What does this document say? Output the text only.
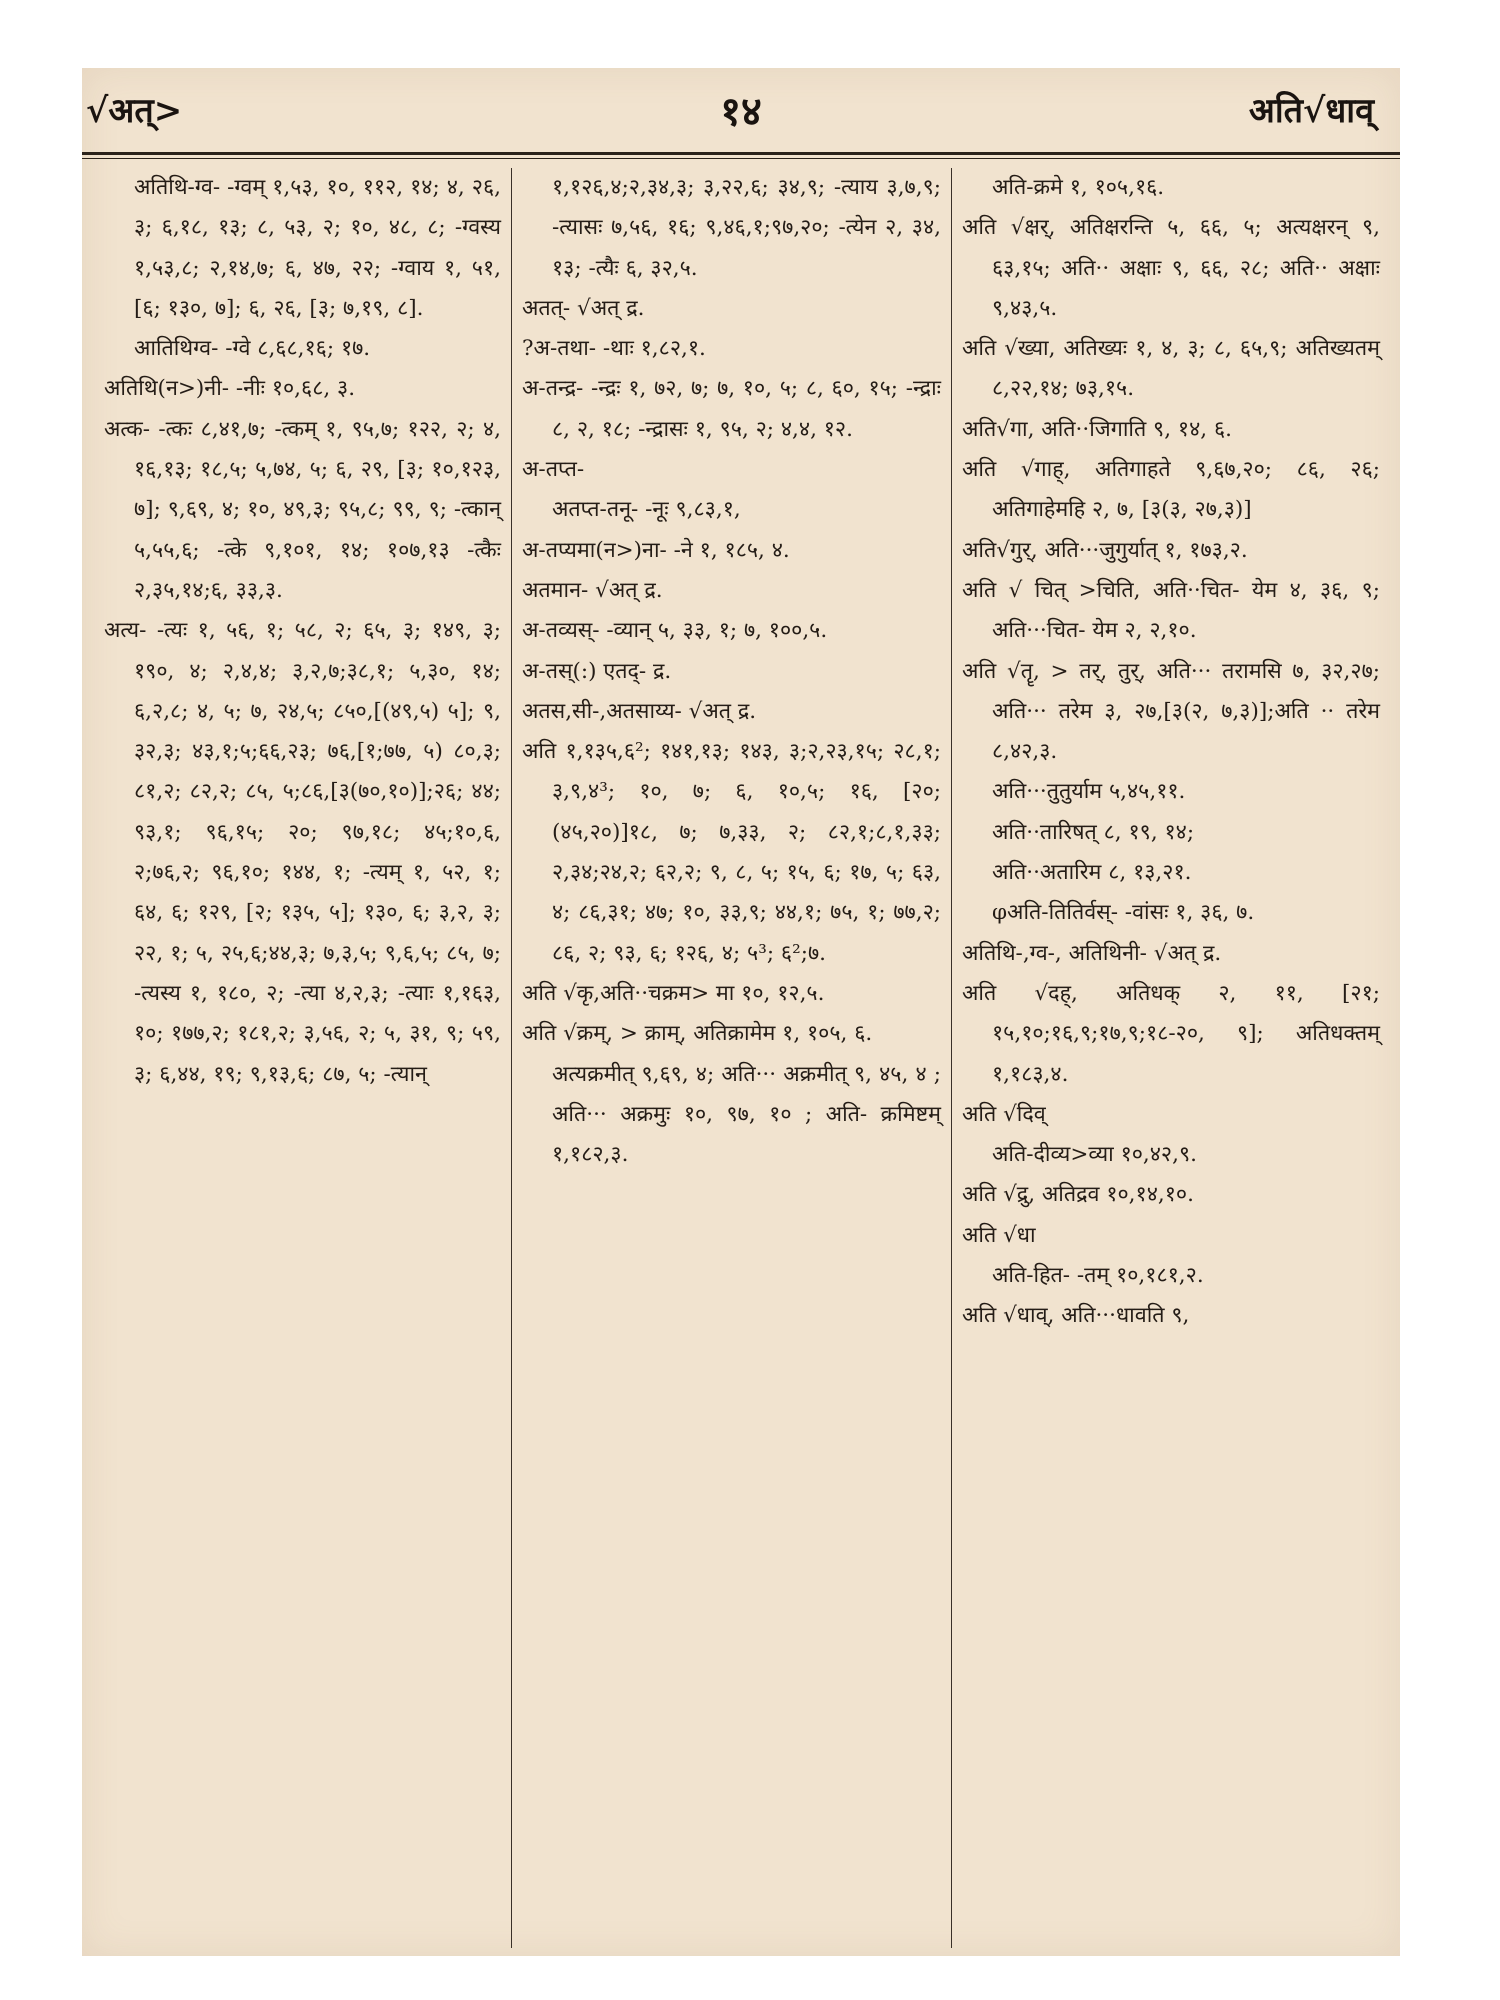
√अत्>	१४	अति√धाव्

अतिथि-ग्व- -ग्वम् १,५३, १०, ११२, १४; ४, २६, ३; ६,१८, १३; ८, ५३, २; १०, ४८, ८; -ग्वस्य १,५३,८; २,१४,७; ६, ४७, २२; -ग्वाय १, ५१, [६; १३०, ७]; ६, २६, [३; ७,१९, ८].

आतिथिग्व- -ग्वे ८,६८,१६; १७.

अतिथि(न>)नी- -नीः १०,६८, ३.

अत्क- -त्कः ८,४१,७; -त्कम् १, ९५,७; १२२, २; ४, १६,१३; १८,५; ५,७४, ५; ६, २९, [३; १०,१२३, ७]; ९,६९, ४; १०, ४९,३; ९५,८; ९९, ९; -त्कान् ५,५५,६; -त्के ९,१०१, १४; १०७,१३ -त्कैः २,३५,१४;६, ३३,३.

अत्य- -त्यः १, ५६, १; ५८, २; ६५, ३; १४९, ३; १९०, ४; २,४,४; ३,२,७;३८,१; ५,३०, १४; ६,२,८; ४, ५; ७, २४,५; ८५०,[(४९,५) ५]; ९, ३२,३; ४३,१;५;६६,२३; ७६,[१;७७, ५) ८०,३; ८१,२; ८२,२; ८५, ५;८६,[३(७०,१०)];२६; ४४; ९३,१; ९६,१५; २०; ९७,१८; ४५;१०,६, २;७६,२; ९६,१०; १४४, १; -त्यम् १, ५२, १; ६४, ६; १२९, [२; १३५, ५]; १३०, ६; ३,२, ३; २२, १; ५, २५,६;४४,३; ७,३,५; ९,६,५; ८५, ७; -त्यस्य १, १८०, २; -त्या ४,२,३; -त्याः १,१६३, १०; १७७,२; १८१,२; ३,५६, २; ५, ३१, ९; ५९, ३; ६,४४, १९; ९,१३,६; ८७, ५; -त्यान्

१,१२६,४;२,३४,३; ३,२२,६; ३४,९; -त्याय ३,७,९; -त्यासः ७,५६, १६; ९,४६,१;९७,२०; -त्येन २, ३४, १३; -त्यैः ६, ३२,५.

अतत्- √अत् द्र.

?अ-तथा- -थाः १,८२,१.

अ-तन्द्र- -न्द्रः १, ७२, ७; ७, १०, ५; ८, ६०, १५; -न्द्राः ८, २, १८; -न्द्रासः १, ९५, २; ४,४, १२.

अ-तप्त-

अतप्त-तनू- -नूः ९,८३,१,

अ-तप्यमा(न>)ना- -ने १, १८५, ४.

अतमान- √अत् द्र.

अ-तव्यस्- -व्यान् ५, ३३, १; ७, १००,५.

अ-तस्(:) एतद्- द्र.

अतस,सी-,अतसाय्य- √अत् द्र.

अति १,१३५,६²; १४१,१३; १४३, ३;२,२३,१५; २८,१; ३,९,४³; १०, ७; ६, १०,५; १६, [२०; (४५,२०)]१८, ७; ७,३३, २; ८२,१;८,१,३३; २,३४;२४,२; ६२,२; ९, ८, ५; १५, ६; १७, ५; ६३, ४; ८६,३१; ४७; १०, ३३,९; ४४,१; ७५, १; ७७,२; ८६, २; ९३, ६; १२६, ४; ५³; ६²;७.

अति √कृ,अति··चक्रम> मा १०, १२,५.

अति √क्रम्, > क्राम्, अतिक्रामेम १, १०५, ६.

अत्यक्रमीत् ९,६९, ४; अति··· अक्रमीत् ९, ४५, ४ ; अति··· अक्रमुः १०, ९७, १० ; अति- क्रमिष्टम् १,१८२,३.

अति-क्रमे १, १०५,१६.

अति √क्षर्, अतिक्षरन्ति ५, ६६, ५; अत्यक्षरन् ९, ६३,१५; अति·· अक्षाः ९, ६६, २८; अति·· अक्षाः ९,४३,५.

अति √ख्या, अतिख्यः १, ४, ३; ८, ६५,९; अतिख्यतम् ८,२२,१४; ७३,१५.

अति√गा, अति··जिगाति ९, १४, ६.

अति √गाह्, अतिगाहते ९,६७,२०; ८६, २६; अतिगाहेमहि २, ७, [३(३, २७,३)]

अति√गुर्, अति···जुगुर्यात् १, १७३,२.

अति √ चित् >चिति, अति··चित- येम ४, ३६, ९; अति···चित- येम २, २,१०.

अति √तॄ, > तर्, तुर्, अति··· तरामसि ७, ३२,२७; अति··· तरेम ३, २७,[३(२, ७,३)];अति ·· तरेम ८,४२,३.

अति···तुतुर्याम ५,४५,११.

अति··तारिषत् ८, १९, १४;

अति··अतारिम ८, १३,२१.

φअति-तितिर्वस्- -वांसः १, ३६, ७.

अतिथि-,ग्व-, अतिथिनी- √अत् द्र.

अति √दह्, अतिधक् २, ११, [२१; १५,१०;१६,९;१७,९;१८-२०, ९]; अतिधक्तम् १,१८३,४.

अति √दिव्

अति-दीव्य>व्या १०,४२,९.

अति √द्रु, अतिद्रव १०,१४,१०.

अति √धा

अति-हित- -तम् १०,१८१,२.

अति √धाव्, अति···धावति ९,
